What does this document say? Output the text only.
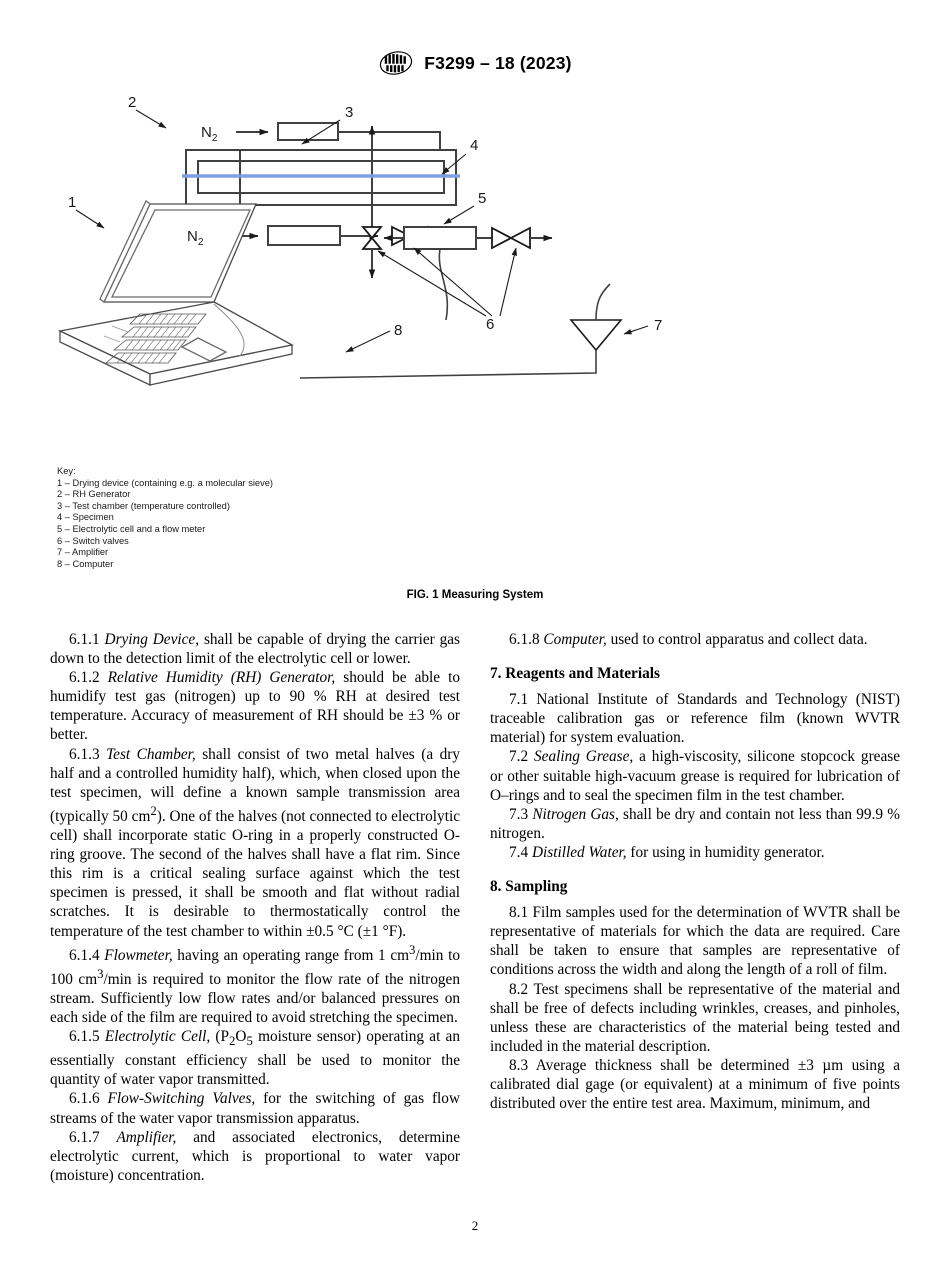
F3299 – 18 (2023)
$N_2$
$N_2$
2
1
3
4
5
6	7
8
Key:
1 – Drying device (containing e.g. a molecular sieve)
2 – RH Generator
3 – Test chamber (temperature controlled)
4 – Specimen
5 – Electrolytic cell and a flow meter
6 – Switch valves
7 – Amplifier
8 – Computer
FIG. 1 Measuring System

6.1.1 Drying Device, shall be capable of drying the carrier gas down to the detection limit of the electrolytic cell or lower.

6.1.2 Relative Humidity (RH) Generator, should be able to humidify test gas (nitrogen) up to 90 % RH at desired test temperature. Accuracy of measurement of RH should be ±3 % or better.

6.1.3 Test Chamber, shall consist of two metal halves (a dry half and a controlled humidity half), which, when closed upon the test specimen, will define a known sample transmission area (typically 50 $cm^2$). One of the halves (not connected to electrolytic cell) shall incorporate static O-ring in a properly constructed O-ring groove. The second of the halves shall have a flat rim. Since this rim is a critical sealing surface against which the test specimen is pressed, it shall be smooth and flat without radial scratches. It is desirable to thermostatically control the temperature of the test chamber to within ±0.5 °C (±1 °F).

6.1.4 Flowmeter, having an operating range from 1 $cm^3/\min$ to 100 $cm^3/\min$ is required to monitor the flow rate of the nitrogen stream. Sufficiently low flow rates and/or balanced pressures on each side of the film are required to avoid stretching the specimen.

6.1.5 Electrolytic Cell, ($P_2O_5$ moisture sensor) operating at an essentially constant efficiency shall be used to monitor the quantity of water vapor transmitted.

6.1.6 Flow-Switching Valves, for the switching of gas flow streams of the water vapor transmission apparatus.

6.1.7 Amplifier, and associated electronics, determine electrolytic current, which is proportional to water vapor (moisture) concentration.

6.1.8 Computer, used to control apparatus and collect data.

7. Reagents and Materials

7.1 National Institute of Standards and Technology (NIST) traceable calibration gas or reference film (known WVTR material) for system evaluation.

7.2 Sealing Grease, a high-viscosity, silicone stopcock grease or other suitable high-vacuum grease is required for lubrication of O–rings and to seal the specimen film in the test chamber.

7.3 Nitrogen Gas, shall be dry and contain not less than 99.9 % nitrogen.

7.4 Distilled Water, for using in humidity generator.

8. Sampling

8.1 Film samples used for the determination of WVTR shall be representative of materials for which the data are required. Care shall be taken to ensure that samples are representative of conditions across the width and along the length of a roll of film.

8.2 Test specimens shall be representative of the material and shall be free of defects including wrinkles, creases, and pinholes, unless these are characteristics of the material being tested and included in the material description.

8.3 Average thickness shall be determined ±3 µm using a calibrated dial gage (or equivalent) at a minimum of five points distributed over the entire test area. Maximum, minimum, and

2
